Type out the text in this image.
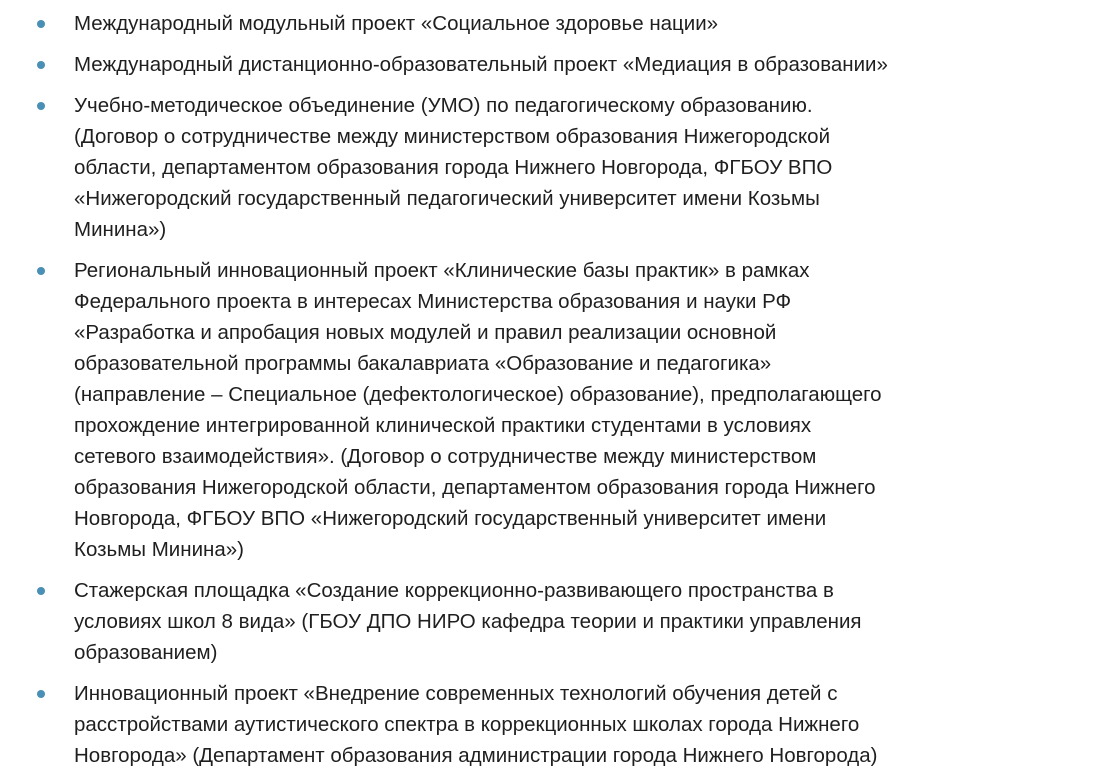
Международный модульный проект «Социальное здоровье нации»
Международный дистанционно-образовательный проект «Медиация в образовании»
Учебно-методическое объединение (УМО) по педагогическому образованию.
(Договор о сотрудничестве между министерством образования Нижегородской
области, департаментом образования города Нижнего Новгорода, ФГБОУ ВПО
«Нижегородский государственный педагогический университет имени Козьмы
Минина»)
Региональный инновационный проект «Клинические базы практик» в рамках
Федерального проекта в интересах Министерства образования и науки РФ
«Разработка и апробация новых модулей и правил реализации основной
образовательной программы бакалавриата «Образование и педагогика»
(направление – Специальное (дефектологическое) образование), предполагающего
прохождение интегрированной клинической практики студентами в условиях
сетевого взаимодействия». (Договор о сотрудничестве между министерством
образования Нижегородской области, департаментом образования города Нижнего
Новгорода, ФГБОУ ВПО «Нижегородский государственный университет имени
Козьмы Минина»)
Стажерская площадка «Создание коррекционно-развивающего пространства в
условиях школ 8 вида» (ГБОУ ДПО НИРО кафедра теории и практики управления
образованием)
Инновационный проект «Внедрение современных технологий обучения детей с
расстройствами аутистического спектра в коррекционных школах города Нижнего
Новгорода» (Департамент образования администрации города Нижнего Новгорода)
